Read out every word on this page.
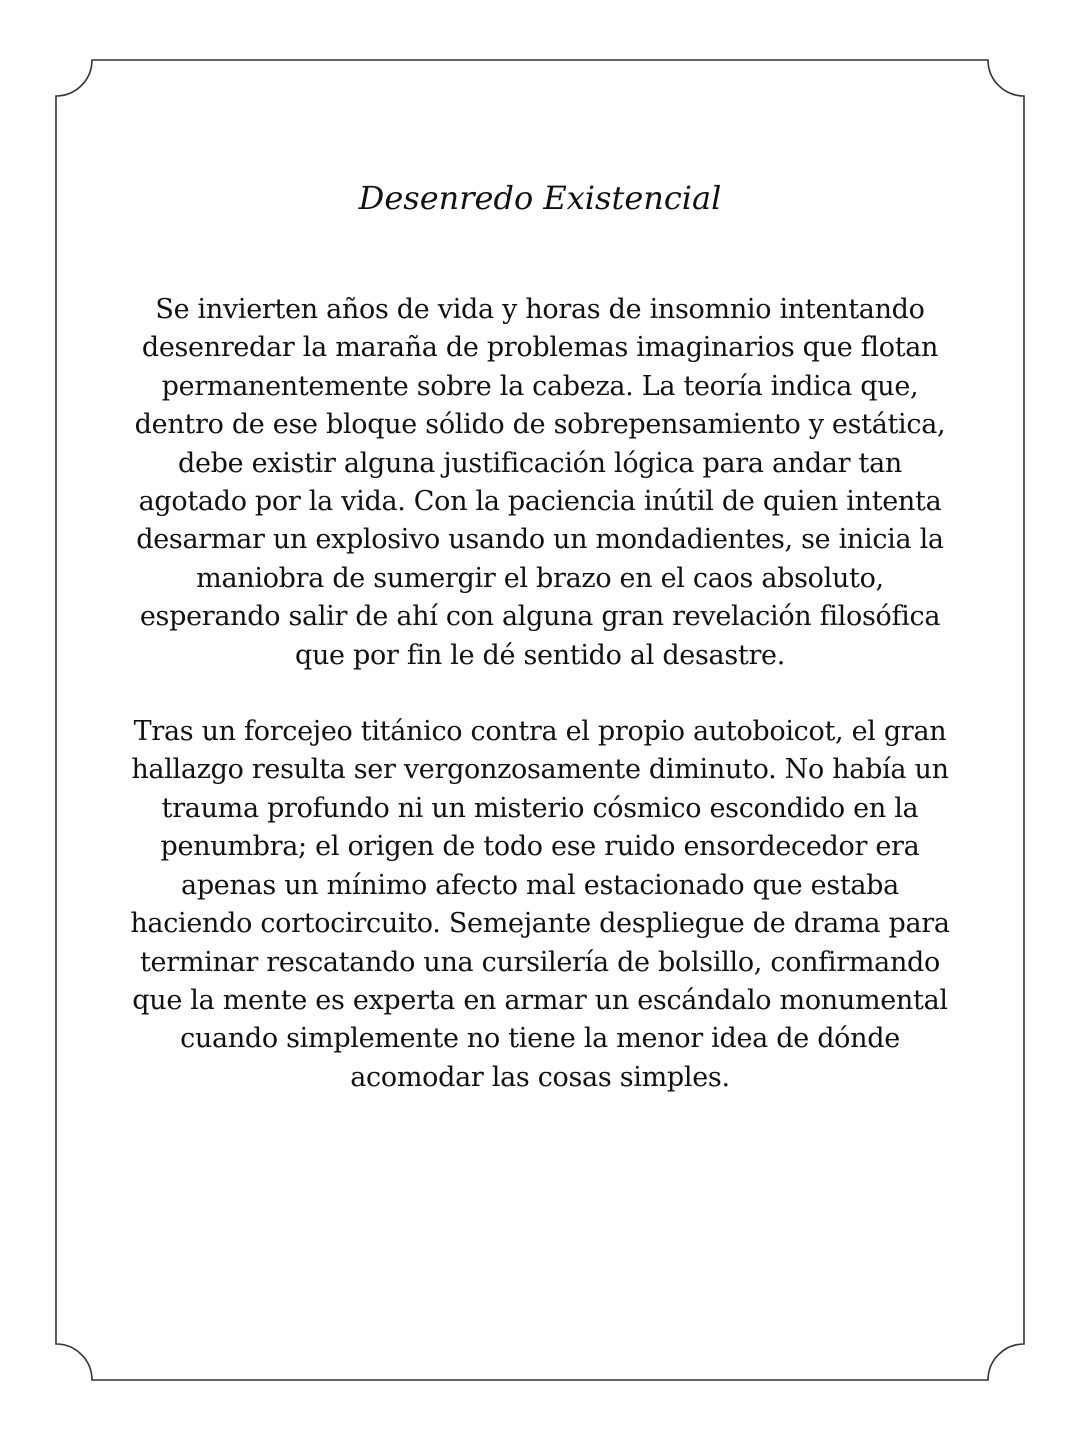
Desenredo Existencial

Se invierten años de vida y horas de insomnio intentando desenredar la maraña de problemas imaginarios que flotan permanentemente sobre la cabeza. La teoría indica que, dentro de ese bloque sólido de sobrepensamiento y estática, debe existir alguna justificación lógica para andar tan agotado por la vida. Con la paciencia inútil de quien intenta desarmar un explosivo usando un mondadientes, se inicia la maniobra de sumergir el brazo en el caos absoluto, esperando salir de ahí con alguna gran revelación filosófica que por fin le dé sentido al desastre.

Tras un forcejeo titánico contra el propio autoboicot, el gran hallazgo resulta ser vergonzosamente diminuto. No había un trauma profundo ni un misterio cósmico escondido en la penumbra; el origen de todo ese ruido ensordecedor era apenas un mínimo afecto mal estacionado que estaba haciendo cortocircuito. Semejante despliegue de drama para terminar rescatando una cursilería de bolsillo, confirmando que la mente es experta en armar un escándalo monumental cuando simplemente no tiene la menor idea de dónde acomodar las cosas simples.
